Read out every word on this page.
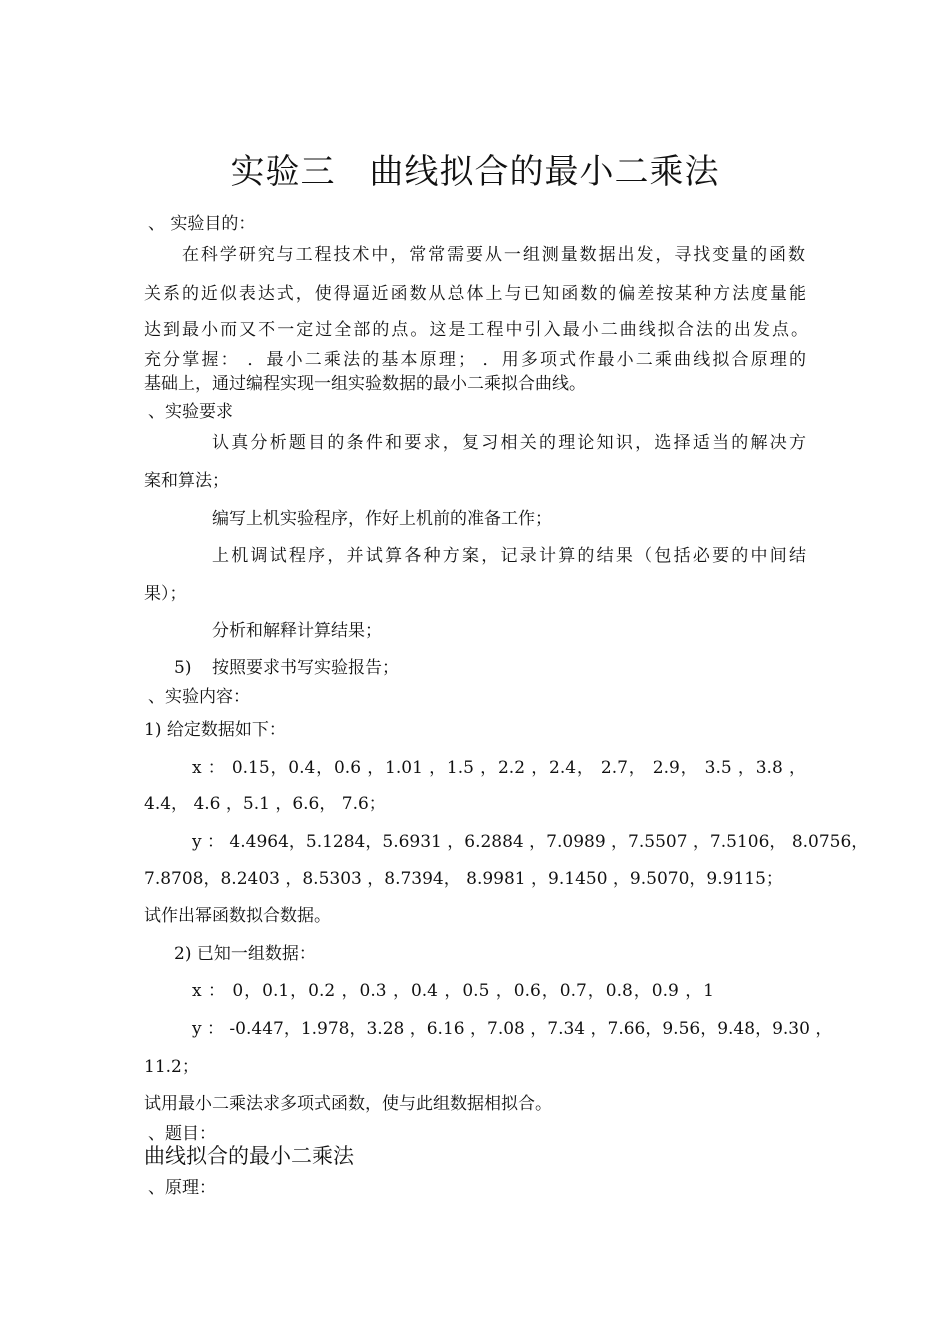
实验三 曲线拟合的最小二乘法
、 实验目的：
在科学研究与工程技术中，常常需要从一组测量数据出发，寻找变量的函数
关系的近似表达式，使得逼近函数从总体上与已知函数的偏差按某种方法度量能
达到最小而又不一定过全部的点。这是工程中引入最小二曲线拟合法的出发点。
充分掌握： ．最小二乘法的基本原理； ．用多项式作最小二乘曲线拟合原理的
基础上，通过编程实现一组实验数据的最小二乘拟合曲线。
、实验要求
认真分析题目的条件和要求，复习相关的理论知识，选择适当的解决方
案和算法；
编写上机实验程序，作好上机前的准备工作；
上机调试程序，并试算各种方案，记录计算的结果（包括必要的中间结
果）；
分析和解释计算结果；
5) 按照要求书写实验报告；
、实验内容：
1) 给定数据如下：
x ： 0.15，0.4，0.6 ，1.01 ，1.5 ，2.2 ，2.4， 2.7， 2.9， 3.5 ，3.8 ，
4.4， 4.6 ，5.1 ，6.6， 7.6；
y ： 4.4964，5.1284，5.6931 ，6.2884 ，7.0989 ，7.5507 ，7.5106， 8.0756，
7.8708，8.2403 ，8.5303 ，8.7394， 8.9981 ，9.1450 ，9.5070，9.9115；
试作出幂函数拟合数据。
2) 已知一组数据：
x ： 0，0.1，0.2 ，0.3 ，0.4 ，0.5 ，0.6，0.7，0.8，0.9 ，1
y ： -0.447，1.978，3.28 ，6.16 ，7.08 ，7.34 ，7.66，9.56，9.48，9.30 ，
11.2；
试用最小二乘法求多项式函数，使与此组数据相拟合。
、题目：
曲线拟合的最小二乘法
、原理：
